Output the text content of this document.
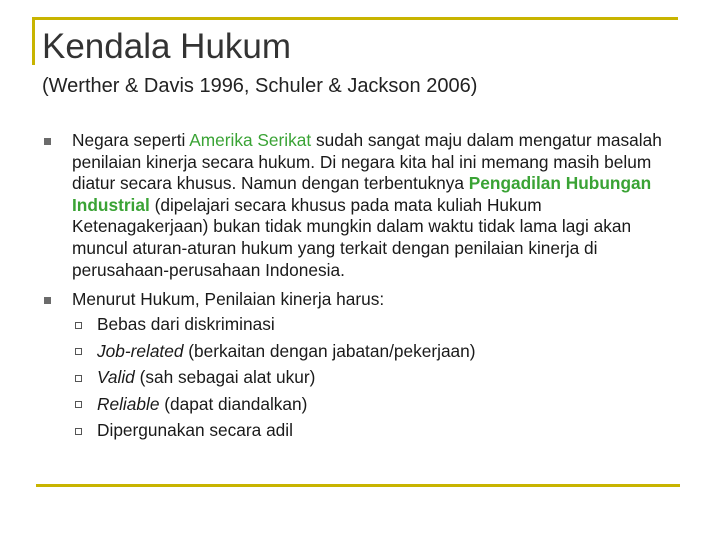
Kendala Hukum
(Werther & Davis 1996, Schuler & Jackson 2006)
Negara seperti Amerika Serikat sudah sangat maju dalam mengatur masalah penilaian kinerja secara hukum. Di negara kita hal ini memang masih belum diatur secara khusus. Namun dengan terbentuknya Pengadilan Hubungan Industrial (dipelajari secara khusus pada mata kuliah Hukum Ketenagakerjaan) bukan tidak mungkin dalam waktu tidak lama lagi akan muncul aturan-aturan hukum yang terkait dengan penilaian kinerja di perusahaan-perusahaan Indonesia.
Menurut Hukum, Penilaian kinerja harus:
Bebas dari diskriminasi
Job-related (berkaitan dengan jabatan/pekerjaan)
Valid (sah sebagai alat ukur)
Reliable (dapat diandalkan)
Dipergunakan secara adil
